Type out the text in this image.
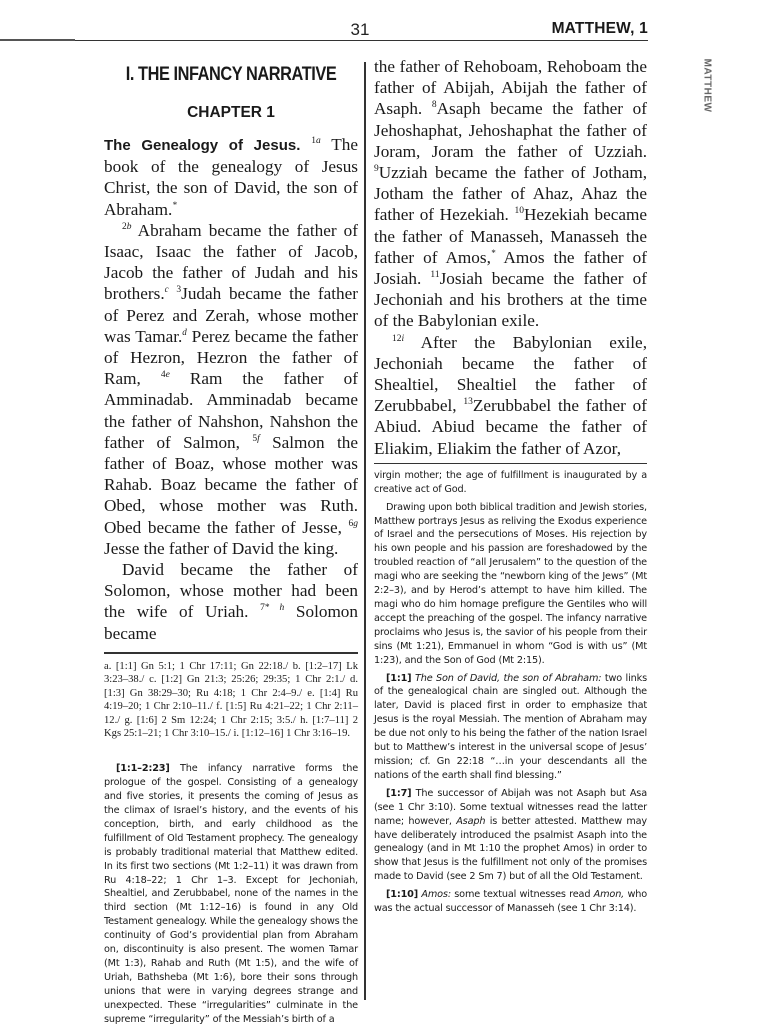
31	MATTHEW, 1
MATTHEW
I. THE INFANCY NARRATIVE
CHAPTER 1

The Genealogy of Jesus. $^{1a}$ The book of the genealogy of Jesus Christ, the son of David, the son of Abraham.*

$^{2b}$ Abraham became the father of Isaac, Isaac the father of Jacob, Jacob the father of Judah and his brothers.$^c$ $^3$Judah became the father of Perez and Zerah, whose mother was Tamar.$^d$ Perez became the father of Hezron, Hezron the father of Ram, $^{4e}$ Ram the father of Amminadab. Amminadab became the father of Nahshon, Nahshon the father of Salmon, $^{5f}$ Salmon the father of Boaz, whose mother was Rahab. Boaz became the father of Obed, whose mother was Ruth. Obed became the father of Jesse, $^{6g}$ Jesse the father of David the king.

David became the father of Solomon, whose mother had been the wife of Uriah. $^{7* h}$ Solomon became

a. [1:1] Gn 5:1; 1 Chr 17:11; Gn 22:18./ b. [1:2–17] Lk 3:23–38./ c. [1:2] Gn 21:3; 25:26; 29:35; 1 Chr 2:1./ d. [1:3] Gn 38:29–30; Ru 4:18; 1 Chr 2:4–9./ e. [1:4] Ru 4:19–20; 1 Chr 2:10–11./ f. [1:5] Ru 4:21–22; 1 Chr 2:11–12./ g. [1:6] 2 Sm 12:24; 1 Chr 2:15; 3:5./ h. [1:7–11] 2 Kgs 25:1–21; 1 Chr 3:10–15./ i. [1:12–16] 1 Chr 3:16–19.

[1:1–2:23] The infancy narrative forms the prologue of the gospel. Consisting of a genealogy and five stories, it presents the coming of Jesus as the climax of Israel’s history, and the events of his conception, birth, and early childhood as the fulfillment of Old Testament prophecy. The genealogy is probably traditional material that Matthew edited. In its first two sections (Mt 1:2–11) it was drawn from Ru 4:18–22; 1 Chr 1–3. Except for Jechoniah, Shealtiel, and Zerubbabel, none of the names in the third section (Mt 1:12–16) is found in any Old Testament genealogy. While the genealogy shows the continuity of God’s providential plan from Abraham on, discontinuity is also present. The women Tamar (Mt 1:3), Rahab and Ruth (Mt 1:5), and the wife of Uriah, Bathsheba (Mt 1:6), bore their sons through unions that were in varying degrees strange and unexpected. These “irregularities” culminate in the supreme “irregularity” of the Messiah’s birth of a

the father of Rehoboam, Rehoboam the father of Abijah, Abijah the father of Asaph. $^8$Asaph became the father of Jehoshaphat, Jehoshaphat the father of Joram, Joram the father of Uzziah. $^9$Uzziah became the father of Jotham, Jotham the father of Ahaz, Ahaz the father of Hezekiah. $^{10}$Hezekiah became the father of Manasseh, Manasseh the father of Amos,* Amos the father of Josiah. $^{11}$Josiah became the father of Jechoniah and his brothers at the time of the Babylonian exile.

$^{12i}$ After the Babylonian exile, Jechoniah became the father of Shealtiel, Shealtiel the father of Zerubbabel, $^{13}$Zerubbabel the father of Abiud. Abiud became the father of Eliakim, Eliakim the father of Azor,

virgin mother; the age of fulfillment is inaugurated by a creative act of God.

Drawing upon both biblical tradition and Jewish stories, Matthew portrays Jesus as reliving the Exodus experience of Israel and the persecutions of Moses. His rejection by his own people and his passion are foreshadowed by the troubled reaction of “all Jerusalem” to the question of the magi who are seeking the “newborn king of the Jews” (Mt 2:2–3), and by Herod’s attempt to have him killed. The magi who do him homage prefigure the Gentiles who will accept the preaching of the gospel. The infancy narrative proclaims who Jesus is, the savior of his people from their sins (Mt 1:21), Emmanuel in whom “God is with us” (Mt 1:23), and the Son of God (Mt 2:15).

[1:1] The Son of David, the son of Abraham: two links of the genealogical chain are singled out. Although the later, David is placed first in order to emphasize that Jesus is the royal Messiah. The mention of Abraham may be due not only to his being the father of the nation Israel but to Matthew’s interest in the universal scope of Jesus’ mission; cf. Gn 22:18 “…in your descendants all the nations of the earth shall find blessing.”

[1:7] The successor of Abijah was not Asaph but Asa (see 1 Chr 3:10). Some textual witnesses read the latter name; however, Asaph is better attested. Matthew may have deliberately introduced the psalmist Asaph into the genealogy (and in Mt 1:10 the prophet Amos) in order to show that Jesus is the fulfillment not only of the promises made to David (see 2 Sm 7) but of all the Old Testament.

[1:10] Amos: some textual witnesses read Amon, who was the actual successor of Manasseh (see 1 Chr 3:14).
